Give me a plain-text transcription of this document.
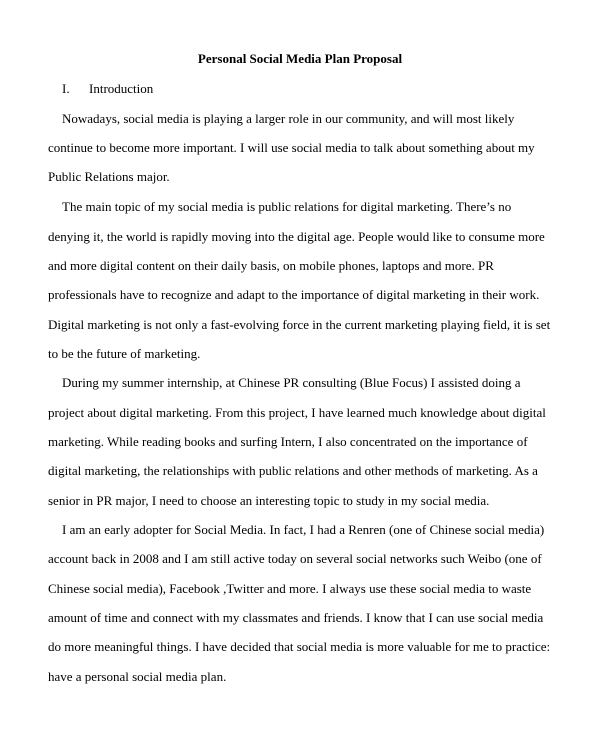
Personal Social Media Plan Proposal
I. Introduction

Nowadays, social media is playing a larger role in our community, and will most likely

continue to become more important. I will use social media to talk about something about my

Public Relations major.

The main topic of my social media is public relations for digital marketing. There’s no

denying it, the world is rapidly moving into the digital age. People would like to consume more

and more digital content on their daily basis, on mobile phones, laptops and more. PR

professionals have to recognize and adapt to the importance of digital marketing in their work.

Digital marketing is not only a fast-evolving force in the current marketing playing field, it is set

to be the future of marketing.

During my summer internship, at Chinese PR consulting (Blue Focus) I assisted doing a

project about digital marketing. From this project, I have learned much knowledge about digital

marketing. While reading books and surfing Intern, I also concentrated on the importance of

digital marketing, the relationships with public relations and other methods of marketing. As a

senior in PR major, I need to choose an interesting topic to study in my social media.

I am an early adopter for Social Media. In fact, I had a Renren (one of Chinese social media)

account back in 2008 and I am still active today on several social networks such Weibo (one of

Chinese social media), Facebook ,Twitter and more. I always use these social media to waste

amount of time and connect with my classmates and friends. I know that I can use social media

do more meaningful things. I have decided that social media is more valuable for me to practice:

have a personal social media plan.
